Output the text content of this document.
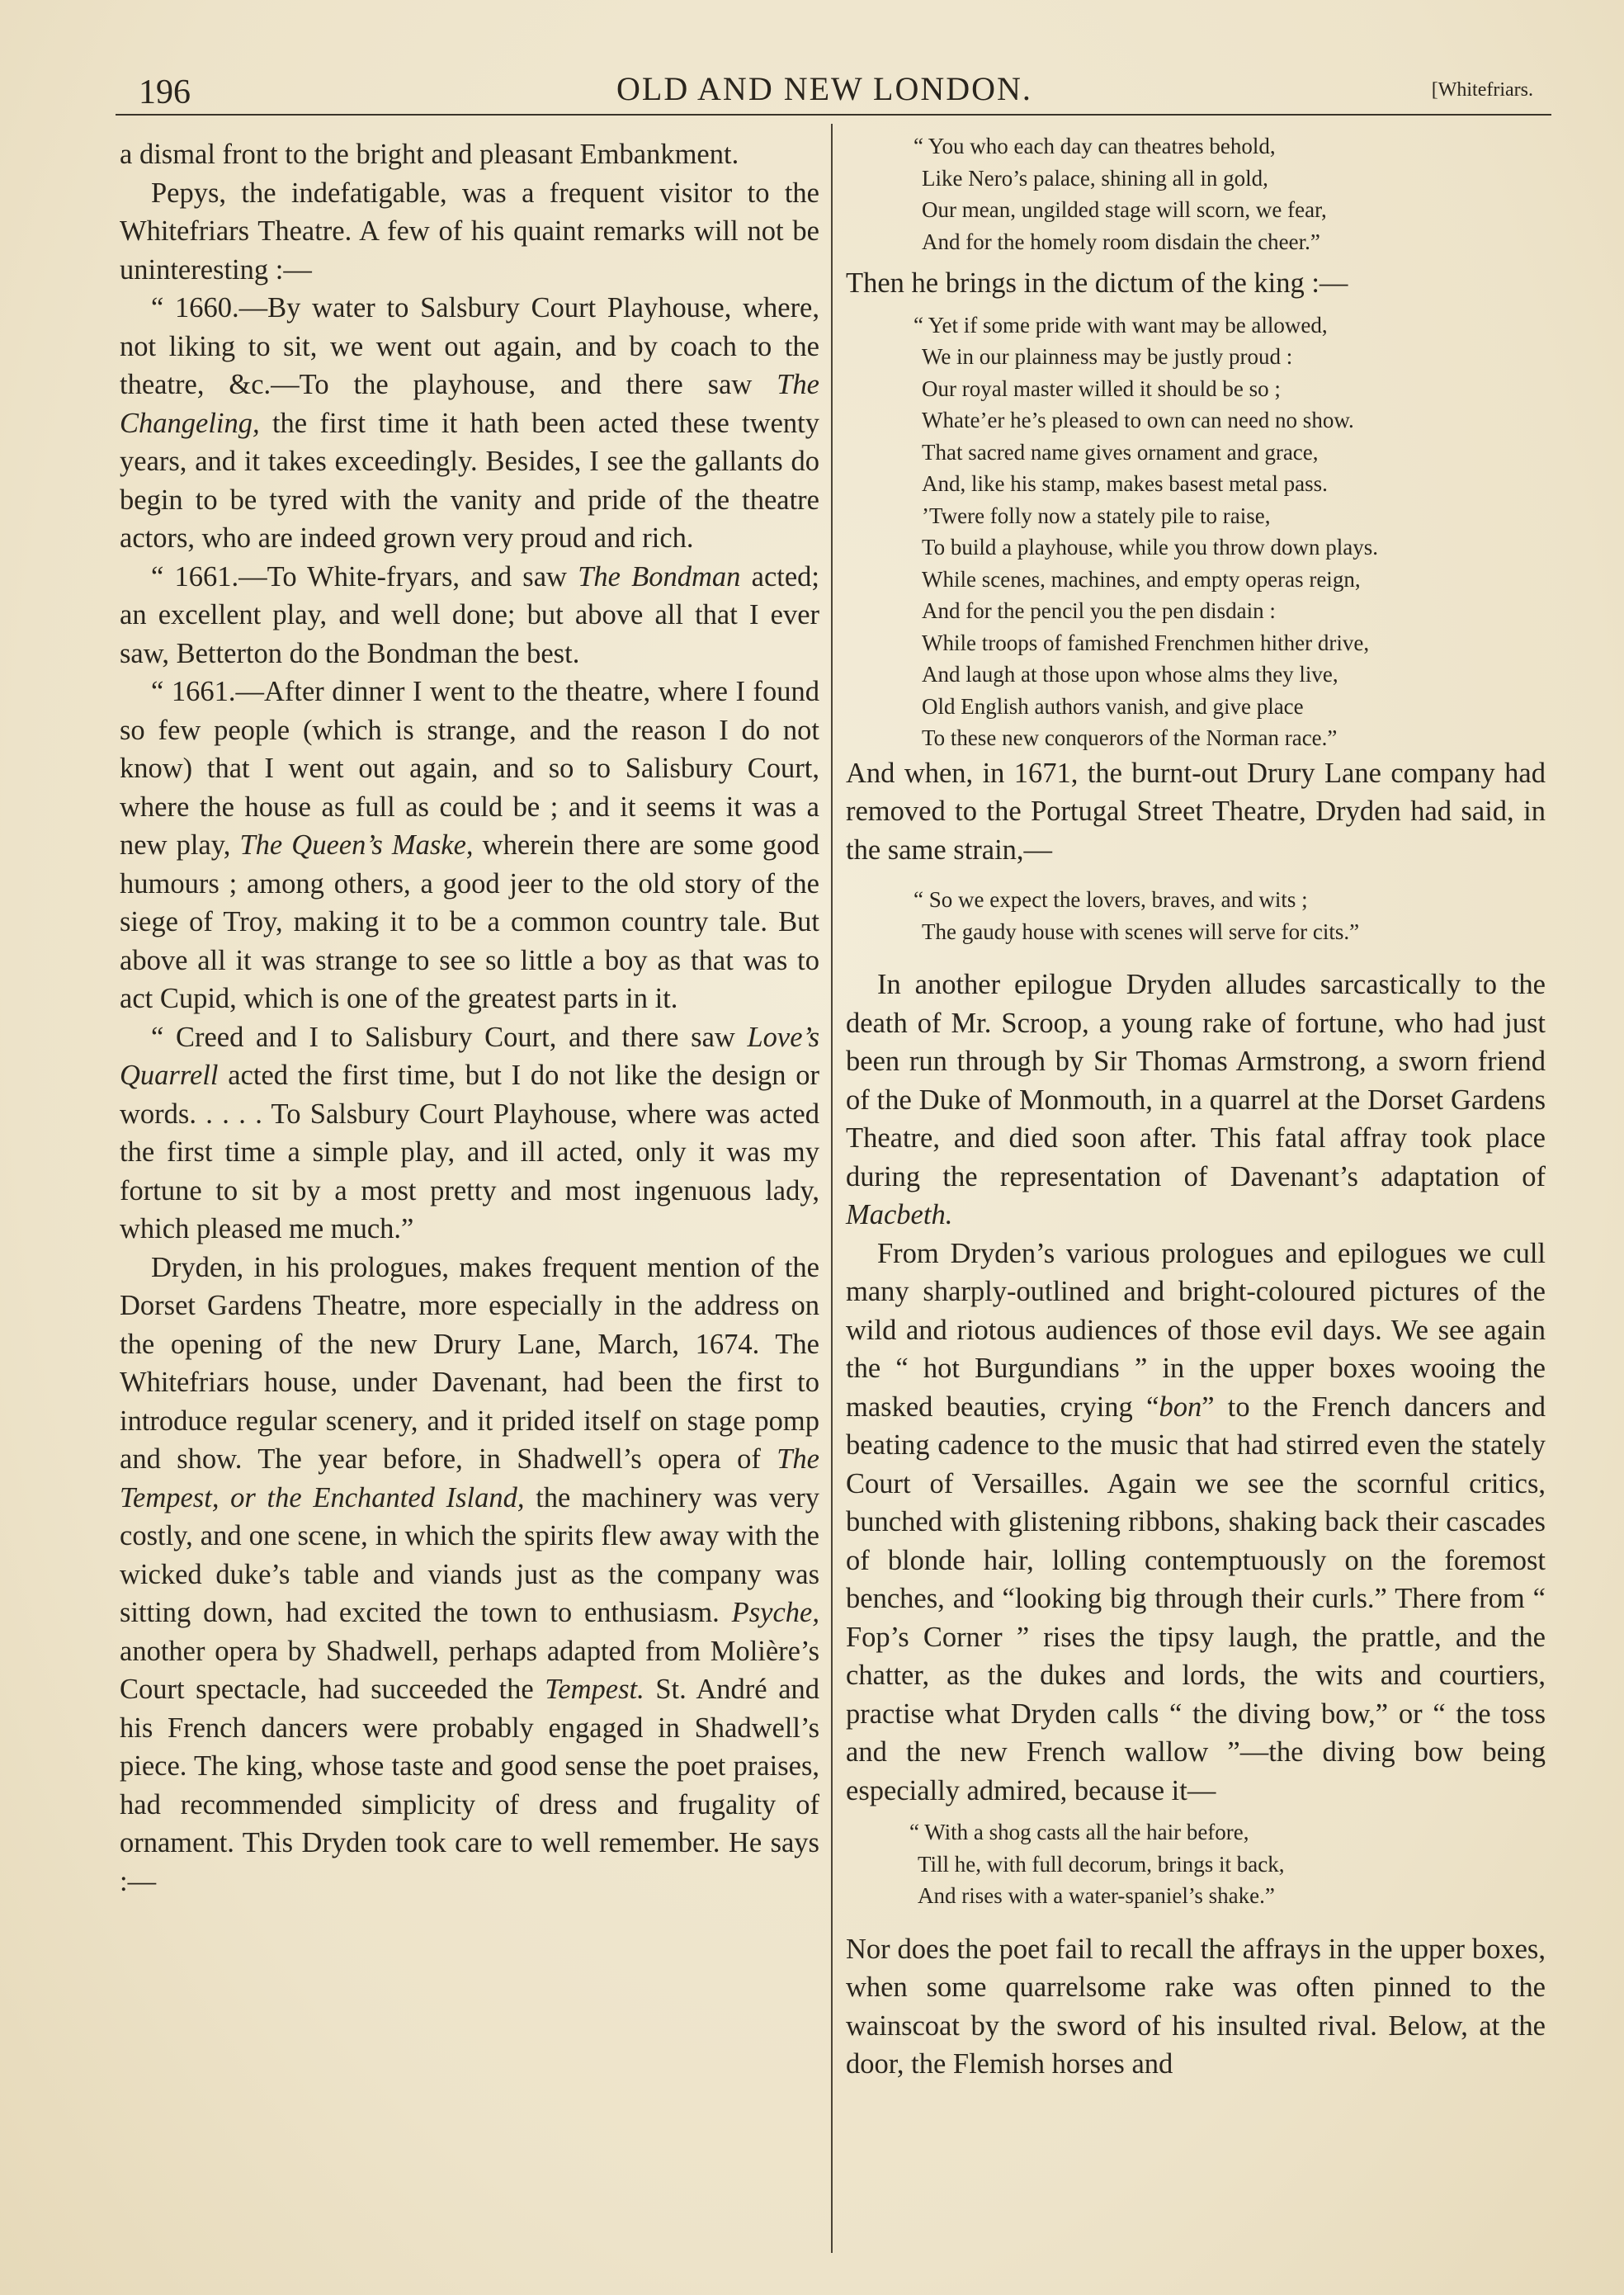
196	OLD AND NEW LONDON.	[Whitefriars.

a dismal front to the bright and pleasant Embankment.

Pepys, the indefatigable, was a frequent visitor to the Whitefriars Theatre. A few of his quaint remarks will not be uninteresting :—

“ 1660.—By water to Salsbury Court Playhouse, where, not liking to sit, we went out again, and by coach to the theatre, &c.—To the playhouse, and there saw The Changeling, the first time it hath been acted these twenty years, and it takes exceedingly. Besides, I see the gallants do begin to be tyred with the vanity and pride of the theatre actors, who are indeed grown very proud and rich.

“ 1661.—To White-fryars, and saw The Bondman acted; an excellent play, and well done; but above all that I ever saw, Betterton do the Bondman the best.

“ 1661.—After dinner I went to the theatre, where I found so few people (which is strange, and the reason I do not know) that I went out again, and so to Salisbury Court, where the house as full as could be ; and it seems it was a new play, The Queen’s Maske, wherein there are some good humours ; among others, a good jeer to the old story of the siege of Troy, making it to be a common country tale. But above all it was strange to see so little a boy as that was to act Cupid, which is one of the greatest parts in it.

“ Creed and I to Salisbury Court, and there saw Love’s Quarrell acted the first time, but I do not like the design or words. . . . . To Salsbury Court Playhouse, where was acted the first time a simple play, and ill acted, only it was my fortune to sit by a most pretty and most ingenuous lady, which pleased me much.”

Dryden, in his prologues, makes frequent mention of the Dorset Gardens Theatre, more especially in the address on the opening of the new Drury Lane, March, 1674. The Whitefriars house, under Davenant, had been the first to introduce regular scenery, and it prided itself on stage pomp and show. The year before, in Shadwell’s opera of The Tempest, or the Enchanted Island, the machinery was very costly, and one scene, in which the spirits flew away with the wicked duke’s table and viands just as the company was sitting down, had excited the town to enthusiasm. Psyche, another opera by Shadwell, perhaps adapted from Molière’s Court spectacle, had succeeded the Tempest. St. André and his French dancers were probably engaged in Shadwell’s piece. The king, whose taste and good sense the poet praises, had recommended simplicity of dress and frugality of ornament. This Dryden took care to well remember. He says :—

“ You who each day can theatres behold,
Like Nero’s palace, shining all in gold,
Our mean, ungilded stage will scorn, we fear,
And for the homely room disdain the cheer.”

Then he brings in the dictum of the king :—

“ Yet if some pride with want may be allowed,
We in our plainness may be justly proud :
Our royal master willed it should be so ;
Whate’er he’s pleased to own can need no show.
That sacred name gives ornament and grace,
And, like his stamp, makes basest metal pass.
’Twere folly now a stately pile to raise,
To build a playhouse, while you throw down plays.
While scenes, machines, and empty operas reign,
And for the pencil you the pen disdain :
While troops of famished Frenchmen hither drive,
And laugh at those upon whose alms they live,
Old English authors vanish, and give place
To these new conquerors of the Norman race.”

And when, in 1671, the burnt-out Drury Lane company had removed to the Portugal Street Theatre, Dryden had said, in the same strain,—

“ So we expect the lovers, braves, and wits ;
The gaudy house with scenes will serve for cits.”

In another epilogue Dryden alludes sarcastically to the death of Mr. Scroop, a young rake of fortune, who had just been run through by Sir Thomas Armstrong, a sworn friend of the Duke of Monmouth, in a quarrel at the Dorset Gardens Theatre, and died soon after. This fatal affray took place during the representation of Davenant’s adaptation of Macbeth.

From Dryden’s various prologues and epilogues we cull many sharply-outlined and bright-coloured pictures of the wild and riotous audiences of those evil days. We see again the “ hot Burgundians ” in the upper boxes wooing the masked beauties, crying “bon” to the French dancers and beating cadence to the music that had stirred even the stately Court of Versailles. Again we see the scornful critics, bunched with glistening ribbons, shaking back their cascades of blonde hair, lolling contemptuously on the foremost benches, and “looking big through their curls.” There from “ Fop’s Corner ” rises the tipsy laugh, the prattle, and the chatter, as the dukes and lords, the wits and courtiers, practise what Dryden calls “ the diving bow,” or “ the toss and the new French wallow ”—the diving bow being especially admired, because it—

“ With a shog casts all the hair before,
Till he, with full decorum, brings it back,
And rises with a water-spaniel’s shake.”

Nor does the poet fail to recall the affrays in the upper boxes, when some quarrelsome rake was often pinned to the wainscoat by the sword of his insulted rival. Below, at the door, the Flemish horses and
